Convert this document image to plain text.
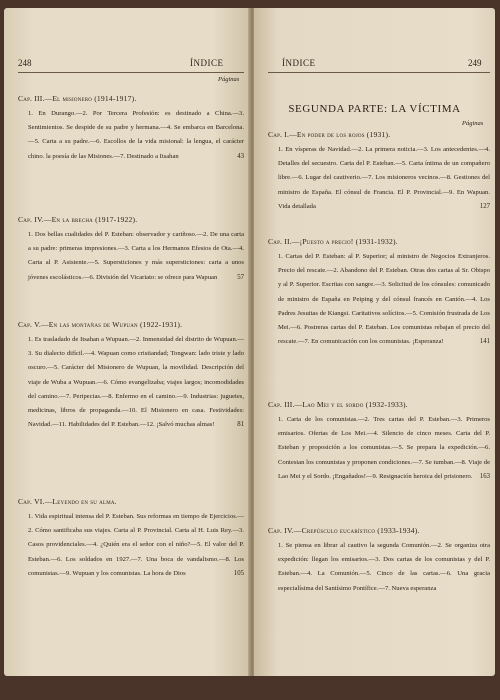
248	ÍNDICE
Páginas
Cap. III.—El misionero (1914-1917).
1. En Durango.—2. Por Tercera Profesión: es destinado a China.—3. Sentimientos. Se despide de su padre y hermana.—4. Se embarca en Barcelona.—5. Carta a su padre.—6. Escollos de la vida misional: la lengua, el carácter chino. la poesía de las Misiones.—7. Destinado a Itsahan	43
Cap. IV.—En la brecha (1917-1922).
1. Dos bellas cualidades del P. Esteban: observador y cariñoso.—2. De una carta a su padre: primeras impresiones.—3. Carta a los Hermanos Efesios de Ota.—4. Carta al P. Asistente.—5. Supersticiones y más supersticiones: carta a unos jóvenes escolásticos.—6. División del Vicariato: se ofrece para Wapuan	57
Cap. V.—En las montañas de Wupuan (1922-1931).
1. Es trasladado de Itsahan a Wupuan.—2. Inmensidad del distrito de Wupuan.—3. Su dialecto difícil.—4. Wapuan como cristiandad; Tongwan: lado triste y lado oscuro.—5. Carácter del Misionero de Wupuan, la movilidad. Descripción del viaje de Wuba a Wupuan.—6. Cómo evangelizaba; viajes largos; incomodidades del camino.—7. Peripecias.—8. Enfermo en el camino.—9. Industrias: juguetes, medicinas, libros de propaganda.—10. El Misionero en casa. Festividades: Navidad.—11. Habilidades del P. Esteban.—12. ¡Salvó muchas almas!	81
Cap. VI.—Leyendo en su alma.
1. Vida espiritual intensa del P. Esteban. Sus reformas en tiempo de Ejercicios.—2. Cómo santificaba sus viajes. Carta al P. Provincial. Carta al H. Luis Rey.—3. Casos providenciales.—4. ¿Quién era el señor con el niño?—5. El valor del P. Esteban.—6. Los soldados en 1927.—7. Una boca de vandalismo.—8. Los comunistas.—9. Wupuan y los comunistas. La hora de Dios	105
ÍNDICE	249
SEGUNDA PARTE: LA VÍCTIMA
Páginas
Cap. I.—En poder de los rojos (1931).
1. En vísperas de Navidad.—2. La primera noticia.—3. Los antecedentes.—4. Detalles del secuestro. Carta del P. Esteban.—5. Carta íntima de un compañero libre.—6. Lugar del cautiverio.—7. Los misioneros vecinos.—8. Gestiones del ministro de España. El cónsul de Francia. El P. Provincial.—9. En Wapuan. Vida detallada	127
Cap. II.—¡Puesto a precio! (1931-1932).
1. Cartas del P. Esteban: al P. Superior; al ministro de Negocios Extranjeros. Precio del rescate.—2. Abandono del P. Esteban. Otras dos cartas al Sr. Obispo y al P. Superior. Escritas con sangre.—3. Solicitud de los cónsules: comunicado de ministro de España en Peiping y del cónsul francés en Cantón.—4. Los Padres Jesuitas de Kiangsi. Caritativos solícitos.—5. Comisión frustrada de Los Mei.—6. Postreras cartas del P. Esteban. Los comunistas rebajan el precio del rescate.—7. En comunicación con los comunistas. ¡Esperanza!	141
Cap. III.—Lao Mei y el sordo (1932-1933).
1. Carta de los comunistas.—2. Tres cartas del P. Esteban.—3. Primeros emisarios. Ofertas de Los Mei.—4. Silencio de cinco meses. Carta del P. Esteban y proposición a los comunistas.—5. Se prepara la expedición.—6. Contestan los comunistas y proponen condiciones.—7. Se tumban.—8. Viaje de Lao Mei y el Sordo. ¡Engañados!—9. Resignación heroica del prisionero. 163
Cap. IV.—Crepúsculo eucarístico (1933-1934).
1. Se piensa en librar al cautivo la segunda Comunión.—2. Se organiza otra expedición: llegan los emisarios.—3. Dos cartas de los comunistas y del P. Esteban.—4. La Comunión.—5. Cinco de las cartas.—6. Una gracia especialísima del Santísimo Pontífice.—7. Nueva esperanza
